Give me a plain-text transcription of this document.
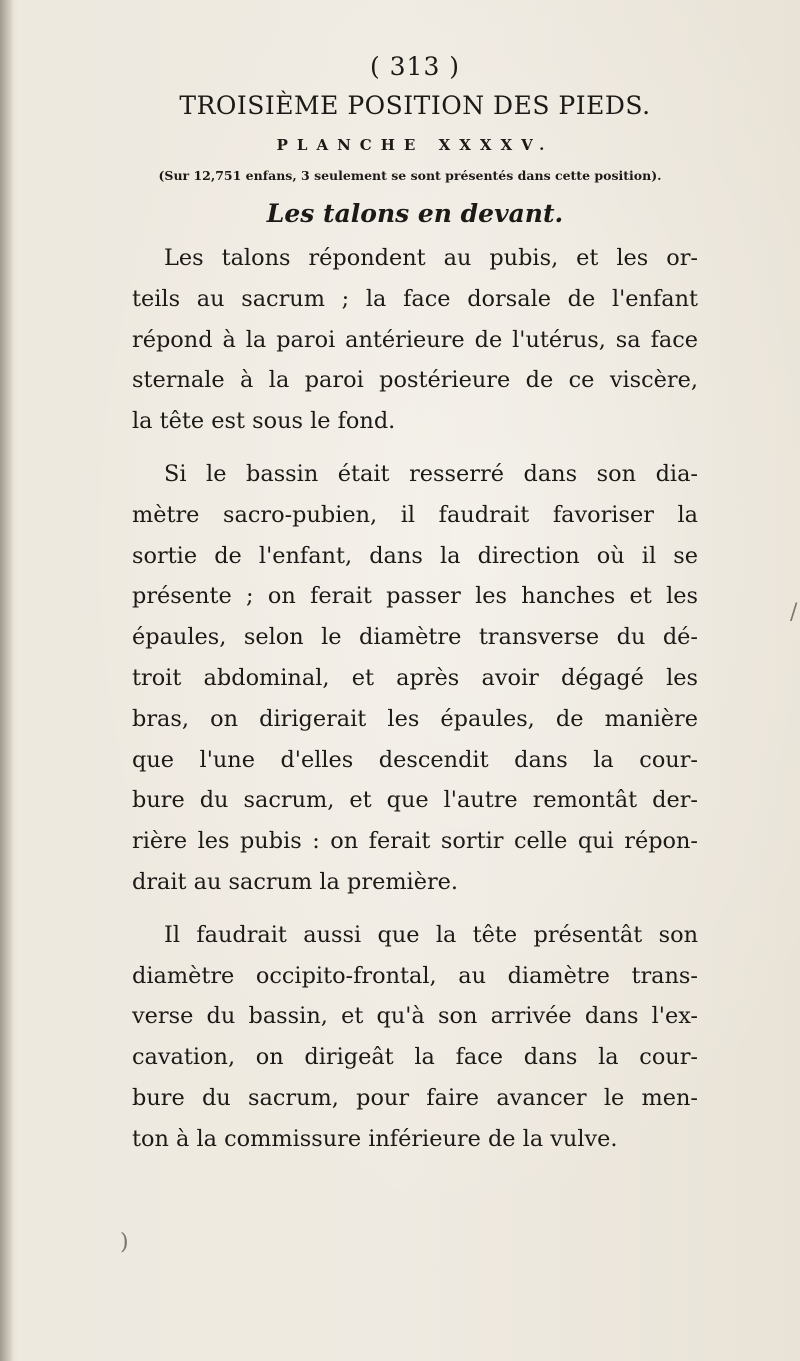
( 313 )
TROISIÈME POSITION DES PIEDS.
PLANCHE XXXXV.
(Sur 12,751 enfans, 3 seulement se sont présentés dans cette position).
Les talons en devant.
Les talons répondent au pubis, et les or-
teils au sacrum ; la face dorsale de l'enfant
répond à la paroi antérieure de l'utérus, sa face
sternale à la paroi postérieure de ce viscère,
la tête est sous le fond.
Si le bassin était resserré dans son dia-
mètre sacro-pubien, il faudrait favoriser la
sortie de l'enfant, dans la direction où il se
présente ; on ferait passer les hanches et les
épaules, selon le diamètre transverse du dé-
troit abdominal, et après avoir dégagé les
bras, on dirigerait les épaules, de manière
que l'une d'elles descendit dans la cour-
bure du sacrum, et que l'autre remontât der-
rière les pubis : on ferait sortir celle qui répon-
drait au sacrum la première.
Il faudrait aussi que la tête présentât son
diamètre occipito-frontal, au diamètre trans-
verse du bassin, et qu'à son arrivée dans l'ex-
cavation, on dirigeât la face dans la cour-
bure du sacrum, pour faire avancer le men-
ton à la commissure inférieure de la vulve.
/
)
